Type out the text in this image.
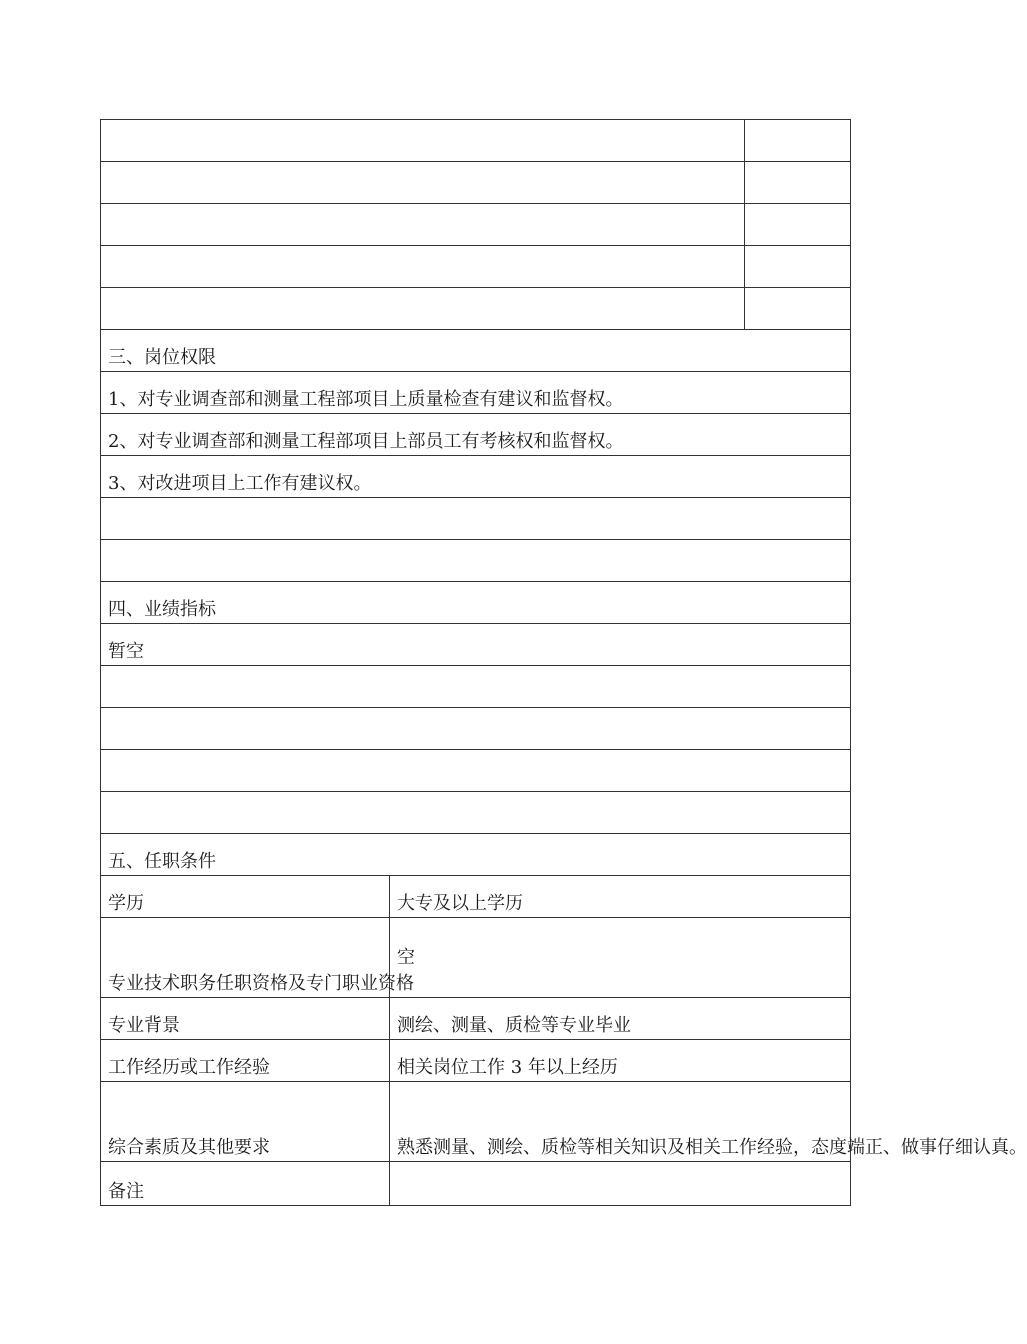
三、岗位权限		
1、对专业调查部和测量工程部项目上质量检查有建议和监督权。		
2、对专业调查部和测量工程部项目上部员工有考核权和监督权。		
3、对改进项目上工作有建议权。		

四、业绩指标		
暂空		

五、任职条件		
学历	大专及以上学历	
专业技术职务任职资格及专门职业资格	空	
专业背景	测绘、测量、质检等专业毕业	
工作经历或工作经验	相关岗位工作 3 年以上经历	
综合素质及其他要求	熟悉测量、测绘、质检等相关知识及相关工作经验，态度端正、做事仔细认真。	
备注		
